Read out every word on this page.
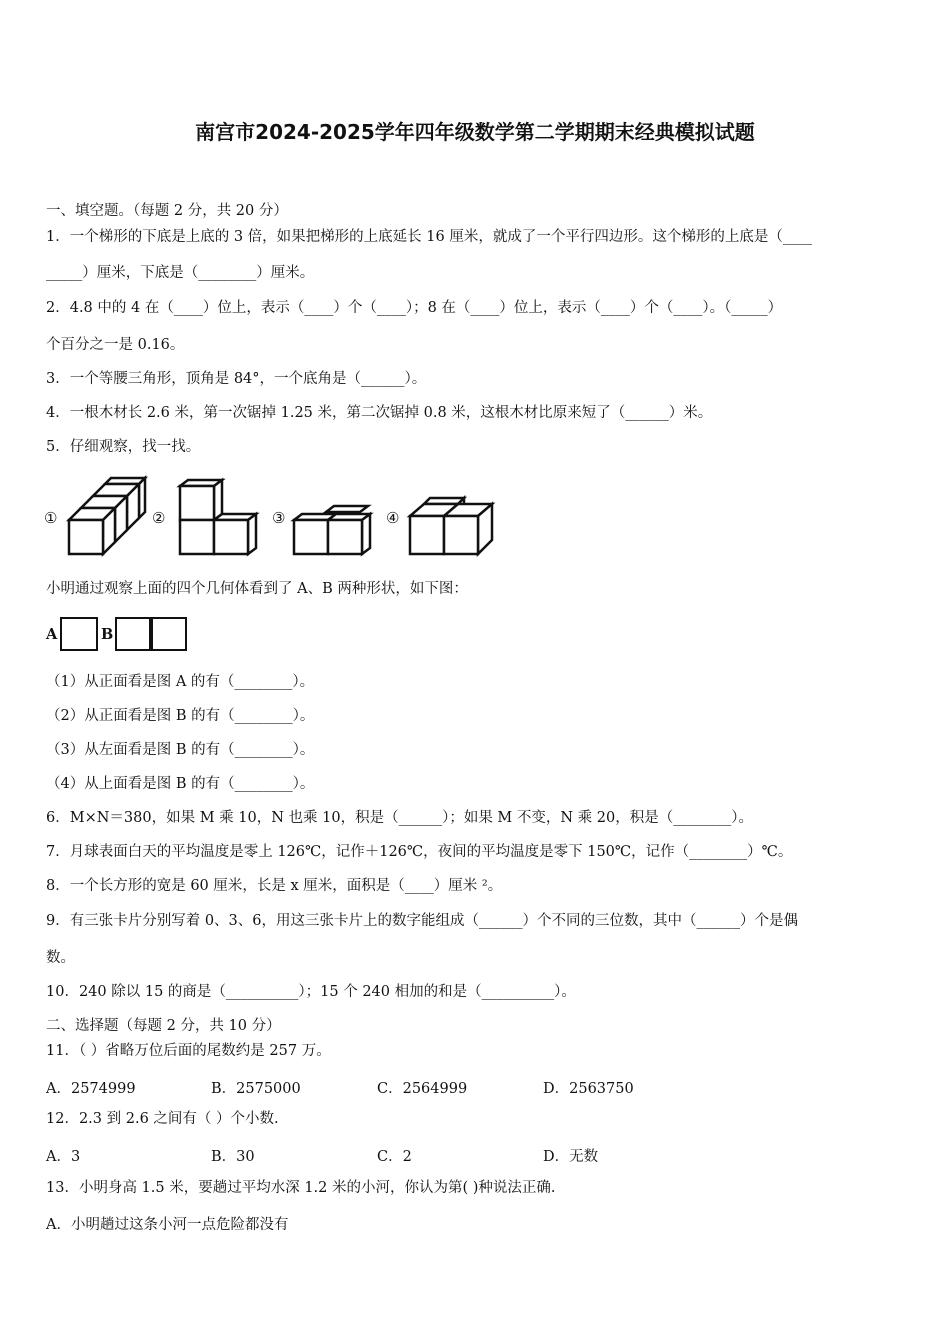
南宫市2024-2025学年四年级数学第二学期期末经典模拟试题
一、填空题。（每题 2 分，共 20 分）
1．一个梯形的下底是上底的 3 倍，如果把梯形的上底延长 16 厘米，就成了一个平行四边形。这个梯形的上底是（____
_____）厘米，下底是（________）厘米。
2．4.8 中的 4 在（____）位上，表示（____）个（____）；8 在（____）位上，表示（____）个（____）。（_____）
个百分之一是 0.16。
3．一个等腰三角形，顶角是 84°，一个底角是（______）。
4．一根木材长 2.6 米，第一次锯掉 1.25 米，第二次锯掉 0.8 米，这根木材比原来短了（______）米。
5．仔细观察，找一找。
①	②	③	④
小明通过观察上面的四个几何体看到了 A、B 两种形状，如下图：
A	B
（1）从正面看是图 A 的有（________）。
（2）从正面看是图 B 的有（________）。
（3）从左面看是图 B 的有（________）。
（4）从上面看是图 B 的有（________）。
6．M×N＝380，如果 M 乘 10，N 也乘 10，积是（______）；如果 M 不变，N 乘 20，积是（________）。
7．月球表面白天的平均温度是零上 126℃，记作＋126℃，夜间的平均温度是零下 150℃，记作（________）℃。
8．一个长方形的宽是 60 厘米，长是 x 厘米，面积是（____）厘米 ²。
9．有三张卡片分别写着 0、3、6，用这三张卡片上的数字能组成（______）个不同的三位数，其中（______）个是偶
数。
10．240 除以 15 的商是（__________）；15 个 240 相加的和是（__________）。
二、选择题（每题 2 分，共 10 分）
11．（ ）省略万位后面的尾数约是 257 万。
A．2574999	B．2575000	C．2564999	D．2563750
12．2.3 到 2.6 之间有（ ）个小数.
A．3	B．30	C．2	D．无数
13．小明身高 1.5 米，要趟过平均水深 1.2 米的小河，你认为第( )种说法正确.
A．小明趟过这条小河一点危险都没有
